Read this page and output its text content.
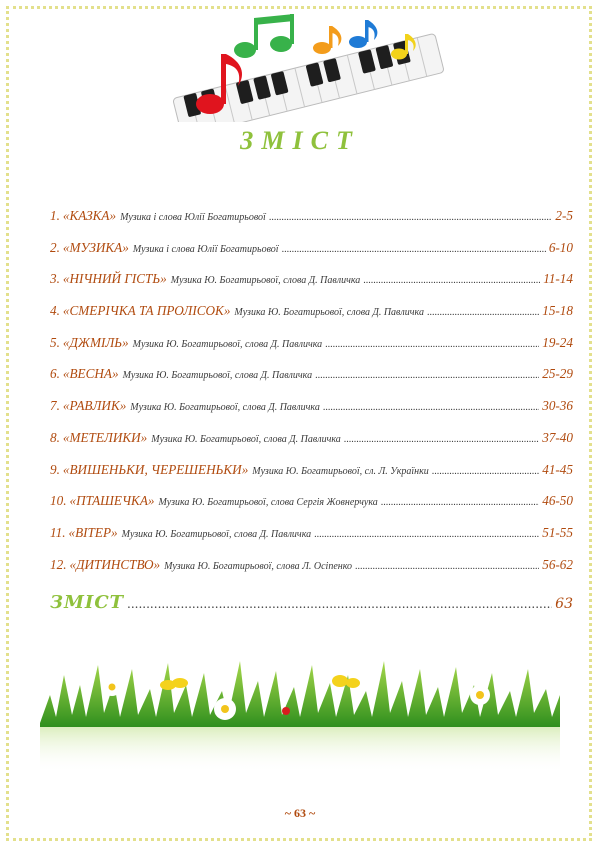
ЗМІСТ
1. «КАЗКА» Музика і слова Юлії Богатирьової .....	2-5
2. «МУЗИКА» Музика і слова Юлії Богатирьової .....	6-10
3. «НІЧНИЙ ГІСТЬ» Музика Ю. Богатирьової, слова Д. Павличка .....	11-14
4. «СМЕРІЧКА ТА ПРОЛІСОК» Музика Ю. Богатирьової, слова Д. Павличка .....	15-18
5. «ДЖМІЛЬ» Музика Ю. Богатирьової, слова Д. Павличка .....	19-24
6. «ВЕСНА» Музика Ю. Богатирьової, слова Д. Павличка .....	25-29
7. «РАВЛИК» Музика Ю. Богатирьової, слова Д. Павличка .....	30-36
8. «МЕТЕЛИКИ» Музика Ю. Богатирьової, слова Д. Павличка .....	37-40
9. «ВИШЕНЬКИ, ЧЕРЕШЕНЬКИ» Музика Ю. Богатирьової, сл. Л. Українки .....	41-45
10. «ПТАШЕЧКА» Музика Ю. Богатирьової, слова Сергія Жовнерчука .....	46-50
11. «ВІТЕР» Музика Ю. Богатирьової, слова Д. Павличка .....	51-55
12. «ДИТИНСТВО» Музика Ю. Богатирьової, слова Л. Осіпенко .....	56-62
ЗМІСТ .....	63
~ 63 ~
